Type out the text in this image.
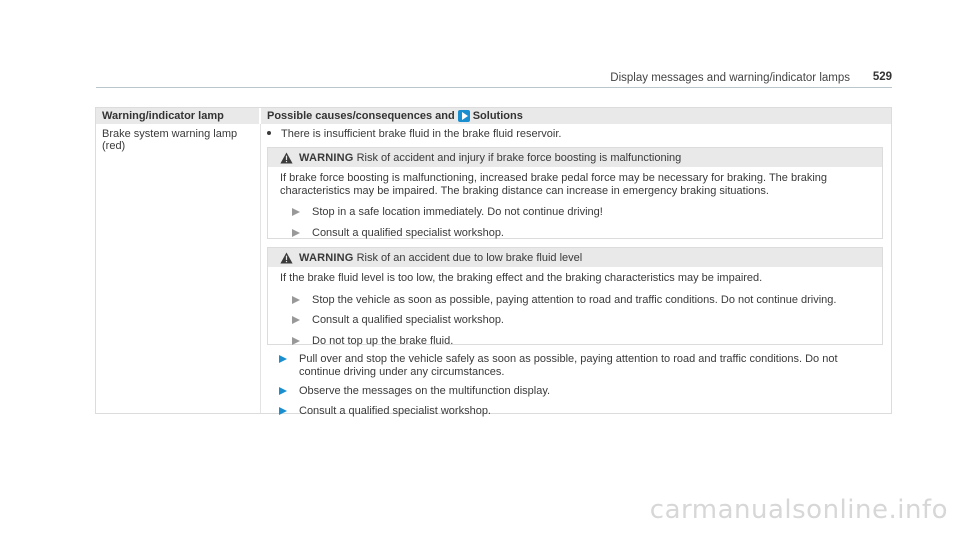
Display messages and warning/indicator lamps 529
Warning/indicator lamp	Possible causes/consequences and Solutions
Brake system warning lamp (red)
There is insufficient brake fluid in the brake fluid reservoir.
WARNING Risk of accident and injury if brake force boosting is malfunctioning

If brake force boosting is malfunctioning, increased brake pedal force may be necessary for braking. The braking characteristics may be impaired. The braking distance can increase in emergency braking situations.

Stop in a safe location immediately. Do not continue driving!
Consult a qualified specialist workshop.
WARNING Risk of an accident due to low brake fluid level

If the brake fluid level is too low, the braking effect and the braking characteristics may be impaired.

Stop the vehicle as soon as possible, paying attention to road and traffic conditions. Do not continue driving.
Consult a qualified specialist workshop.
Do not top up the brake fluid.
Pull over and stop the vehicle safely as soon as possible, paying attention to road and traffic conditions. Do not continue driving under any circumstances.
Observe the messages on the multifunction display.
Consult a qualified specialist workshop.
carmanualsonline.info
